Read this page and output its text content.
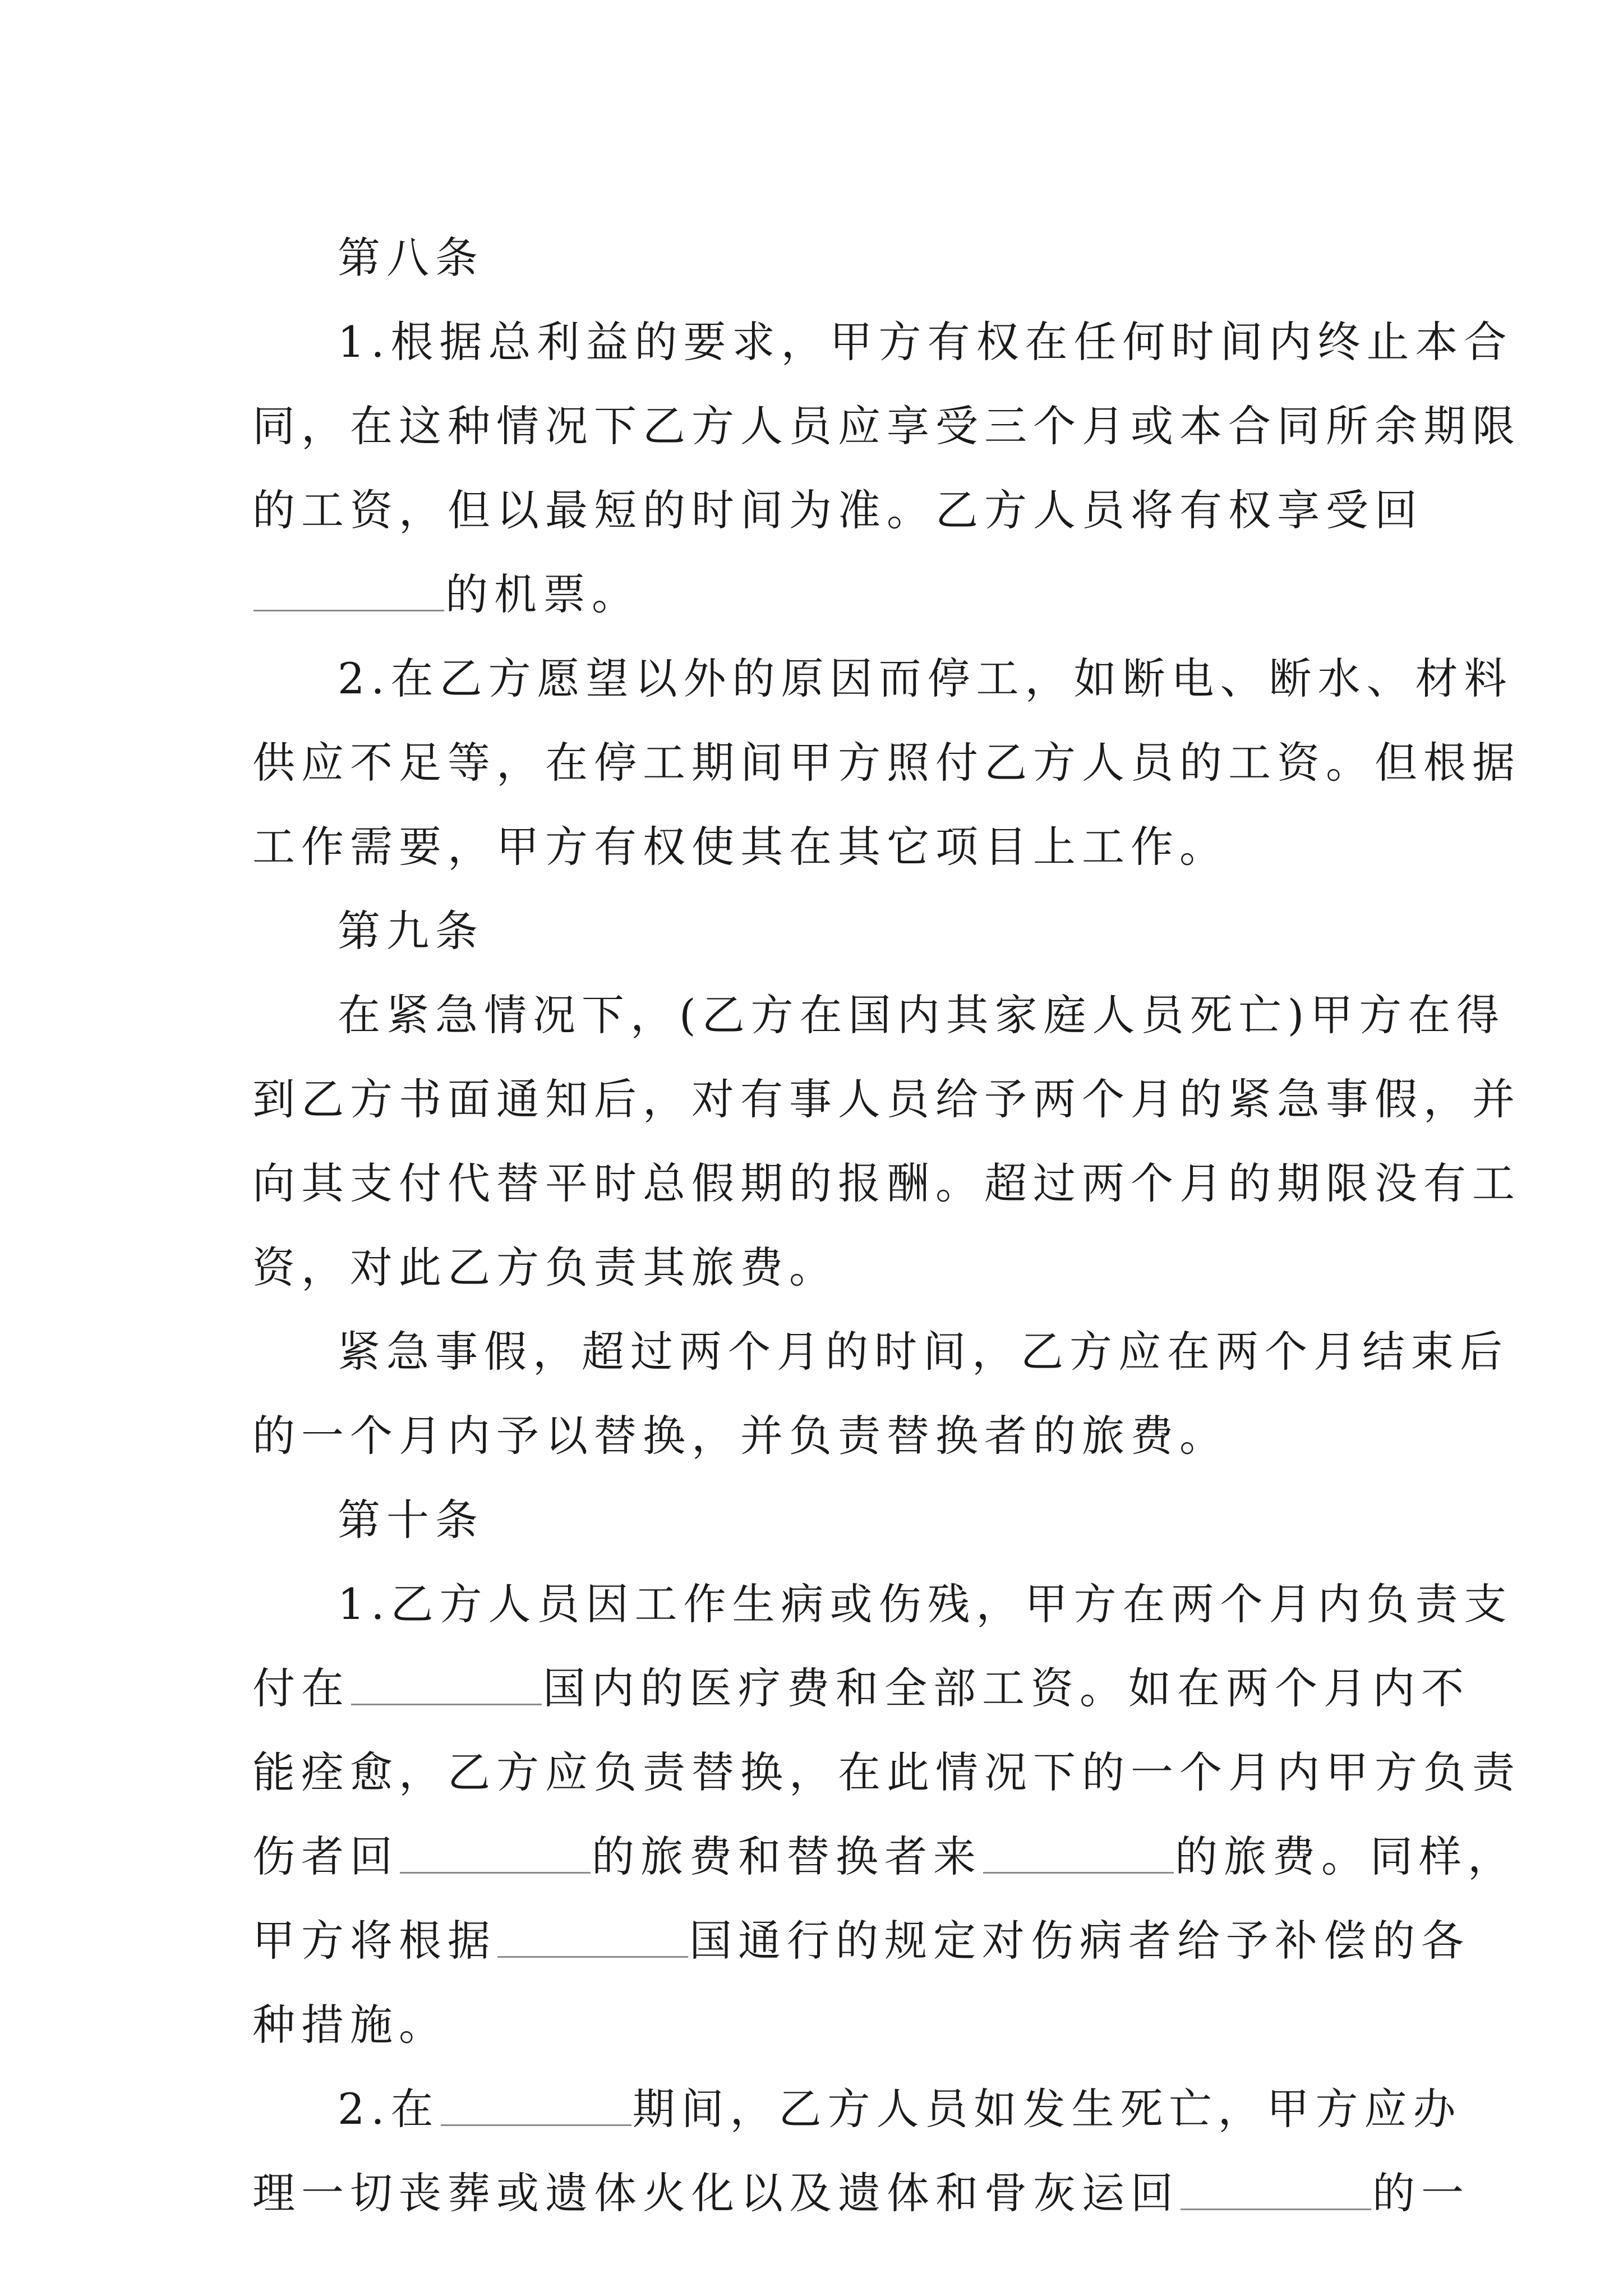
第八条
1.根据总利益的要求，甲方有权在任何时间内终止本合
同，在这种情况下乙方人员应享受三个月或本合同所余期限
的工资，但以最短的时间为准。乙方人员将有权享受回
的机票。
2.在乙方愿望以外的原因而停工，如断电、断水、材料
供应不足等，在停工期间甲方照付乙方人员的工资。但根据
工作需要，甲方有权使其在其它项目上工作。
第九条
在紧急情况下，(乙方在国内其家庭人员死亡)甲方在得
到乙方书面通知后，对有事人员给予两个月的紧急事假，并
向其支付代替平时总假期的报酬。超过两个月的期限没有工
资，对此乙方负责其旅费。
紧急事假，超过两个月的时间，乙方应在两个月结束后
的一个月内予以替换，并负责替换者的旅费。
第十条
1.乙方人员因工作生病或伤残，甲方在两个月内负责支
付在	国内的医疗费和全部工资。如在两个月内不
能痊愈，乙方应负责替换，在此情况下的一个月内甲方负责
伤者回	的旅费和替换者来	的旅费。同样，
甲方将根据	国通行的规定对伤病者给予补偿的各
种措施。
2.在	期间，乙方人员如发生死亡，甲方应办
理一切丧葬或遗体火化以及遗体和骨灰运回	的一
